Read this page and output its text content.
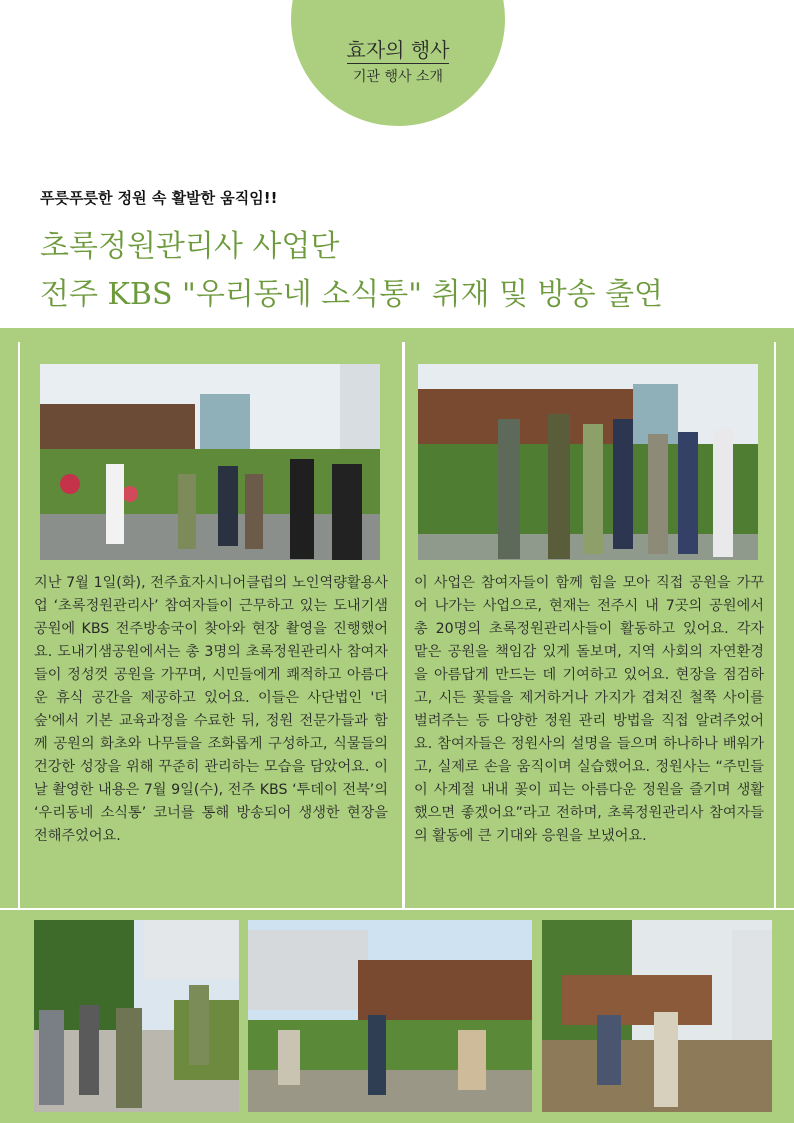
효자의 행사
기관 행사 소개
푸릇푸릇한 정원 속 활발한 움직임!!
초록정원관리사 사업단
전주 KBS "우리동네 소식통" 취재 및 방송 출연
지난 7월 1일(화), 전주효자시니어클럽의 노인역량활용사업 ‘초록정원관리사’ 참여자들이 근무하고 있는 도내기샘공원에 KBS 전주방송국이 찾아와 현장 촬영을 진행했어요. 도내기샘공원에서는 총 3명의 초록정원관리사 참여자들이 정성껏 공원을 가꾸며, 시민들에게 쾌적하고 아름다운 휴식 공간을 제공하고 있어요. 이들은 사단법인 '더숲'에서 기본 교육과정을 수료한 뒤, 정원 전문가들과 함께 공원의 화초와 나무들을 조화롭게 구성하고, 식물들의 건강한 성장을 위해 꾸준히 관리하는 모습을 담았어요. 이날 촬영한 내용은 7월 9일(수), 전주 KBS ‘투데이 전북’의 ‘우리동네 소식통’ 코너를 통해 방송되어 생생한 현장을 전해주었어요.
이 사업은 참여자들이 함께 힘을 모아 직접 공원을 가꾸어 나가는 사업으로, 현재는 전주시 내 7곳의 공원에서 총 20명의 초록정원관리사들이 활동하고 있어요. 각자 맡은 공원을 책임감 있게 돌보며, 지역 사회의 자연환경을 아름답게 만드는 데 기여하고 있어요. 현장을 점검하고, 시든 꽃들을 제거하거나 가지가 겹쳐진 철쭉 사이를 벌려주는 등 다양한 정원 관리 방법을 직접 알려주었어요. 참여자들은 정원사의 설명을 들으며 하나하나 배워가고, 실제로 손을 움직이며 실습했어요. 정원사는 “주민들이 사계절 내내 꽃이 피는 아름다운 정원을 즐기며 생활했으면 좋겠어요”라고 전하며, 초록정원관리사 참여자들의 활동에 큰 기대와 응원을 보냈어요.
